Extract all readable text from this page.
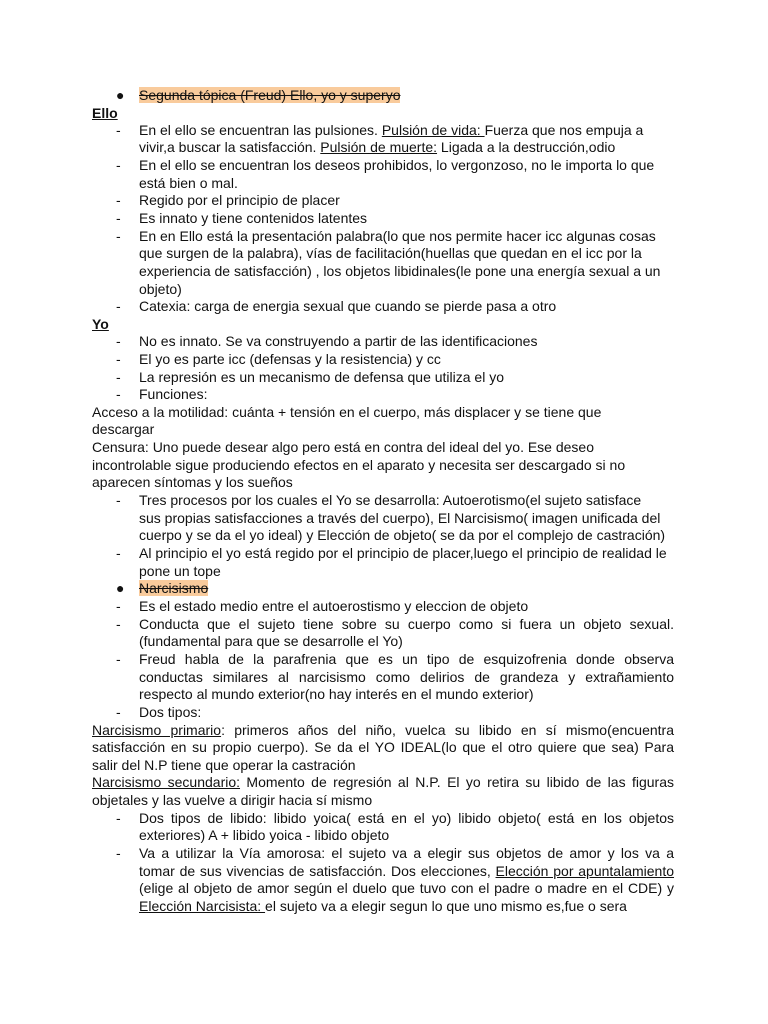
● Segunda tópica (Freud) Ello, yo y superyo
Ello
- En el ello se encuentran las pulsiones. Pulsión de vida: Fuerza que nos empuja a
vivir,a buscar la satisfacción. Pulsión de muerte: Ligada a la destrucción,odio
- En el ello se encuentran los deseos prohibidos, lo vergonzoso, no le importa lo que
está bien o mal.
- Regido por el principio de placer
- Es innato y tiene contenidos latentes
- En en Ello está la presentación palabra(lo que nos permite hacer icc algunas cosas
que surgen de la palabra), vías de facilitación(huellas que quedan en el icc por la
experiencia de satisfacción) , los objetos libidinales(le pone una energía sexual a un
objeto)
- Catexia: carga de energia sexual que cuando se pierde pasa a otro
Yo
- No es innato. Se va construyendo a partir de las identificaciones
- El yo es parte icc (defensas y la resistencia) y cc
- La represión es un mecanismo de defensa que utiliza el yo
- Funciones:
Acceso a la motilidad: cuánta + tensión en el cuerpo, más displacer y se tiene que
descargar
Censura: Uno puede desear algo pero está en contra del ideal del yo. Ese deseo
incontrolable sigue produciendo efectos en el aparato y necesita ser descargado si no
aparecen síntomas y los sueños
- Tres procesos por los cuales el Yo se desarrolla: Autoerotismo(el sujeto satisface
sus propias satisfacciones a través del cuerpo), El Narcisismo( imagen unificada del
cuerpo y se da el yo ideal) y Elección de objeto( se da por el complejo de castración)
- Al principio el yo está regido por el principio de placer,luego el principio de realidad le
pone un tope
● Narcisismo
- Es el estado medio entre el autoerostismo y eleccion de objeto
- Conducta que el sujeto tiene sobre su cuerpo como si fuera un objeto sexual.
(fundamental para que se desarrolle el Yo)
- Freud habla de la parafrenia que es un tipo de esquizofrenia donde observa
conductas similares al narcisismo como delirios de grandeza y extrañamiento
respecto al mundo exterior(no hay interés en el mundo exterior)
- Dos tipos:
Narcisismo primario: primeros años del niño, vuelca su libido en sí mismo(encuentra
satisfacción en su propio cuerpo). Se da el YO IDEAL(lo que el otro quiere que sea) Para
salir del N.P tiene que operar la castración
Narcisismo secundario: Momento de regresión al N.P. El yo retira su libido de las figuras
objetales y las vuelve a dirigir hacia sí mismo
- Dos tipos de libido: libido yoica( está en el yo) libido objeto( está en los objetos
exteriores) A + libido yoica - libido objeto
- Va a utilizar la Vía amorosa: el sujeto va a elegir sus objetos de amor y los va a
tomar de sus vivencias de satisfacción. Dos elecciones, Elección por apuntalamiento
(elige al objeto de amor según el duelo que tuvo con el padre o madre en el CDE) y
Elección Narcisista: el sujeto va a elegir segun lo que uno mismo es,fue o sera
